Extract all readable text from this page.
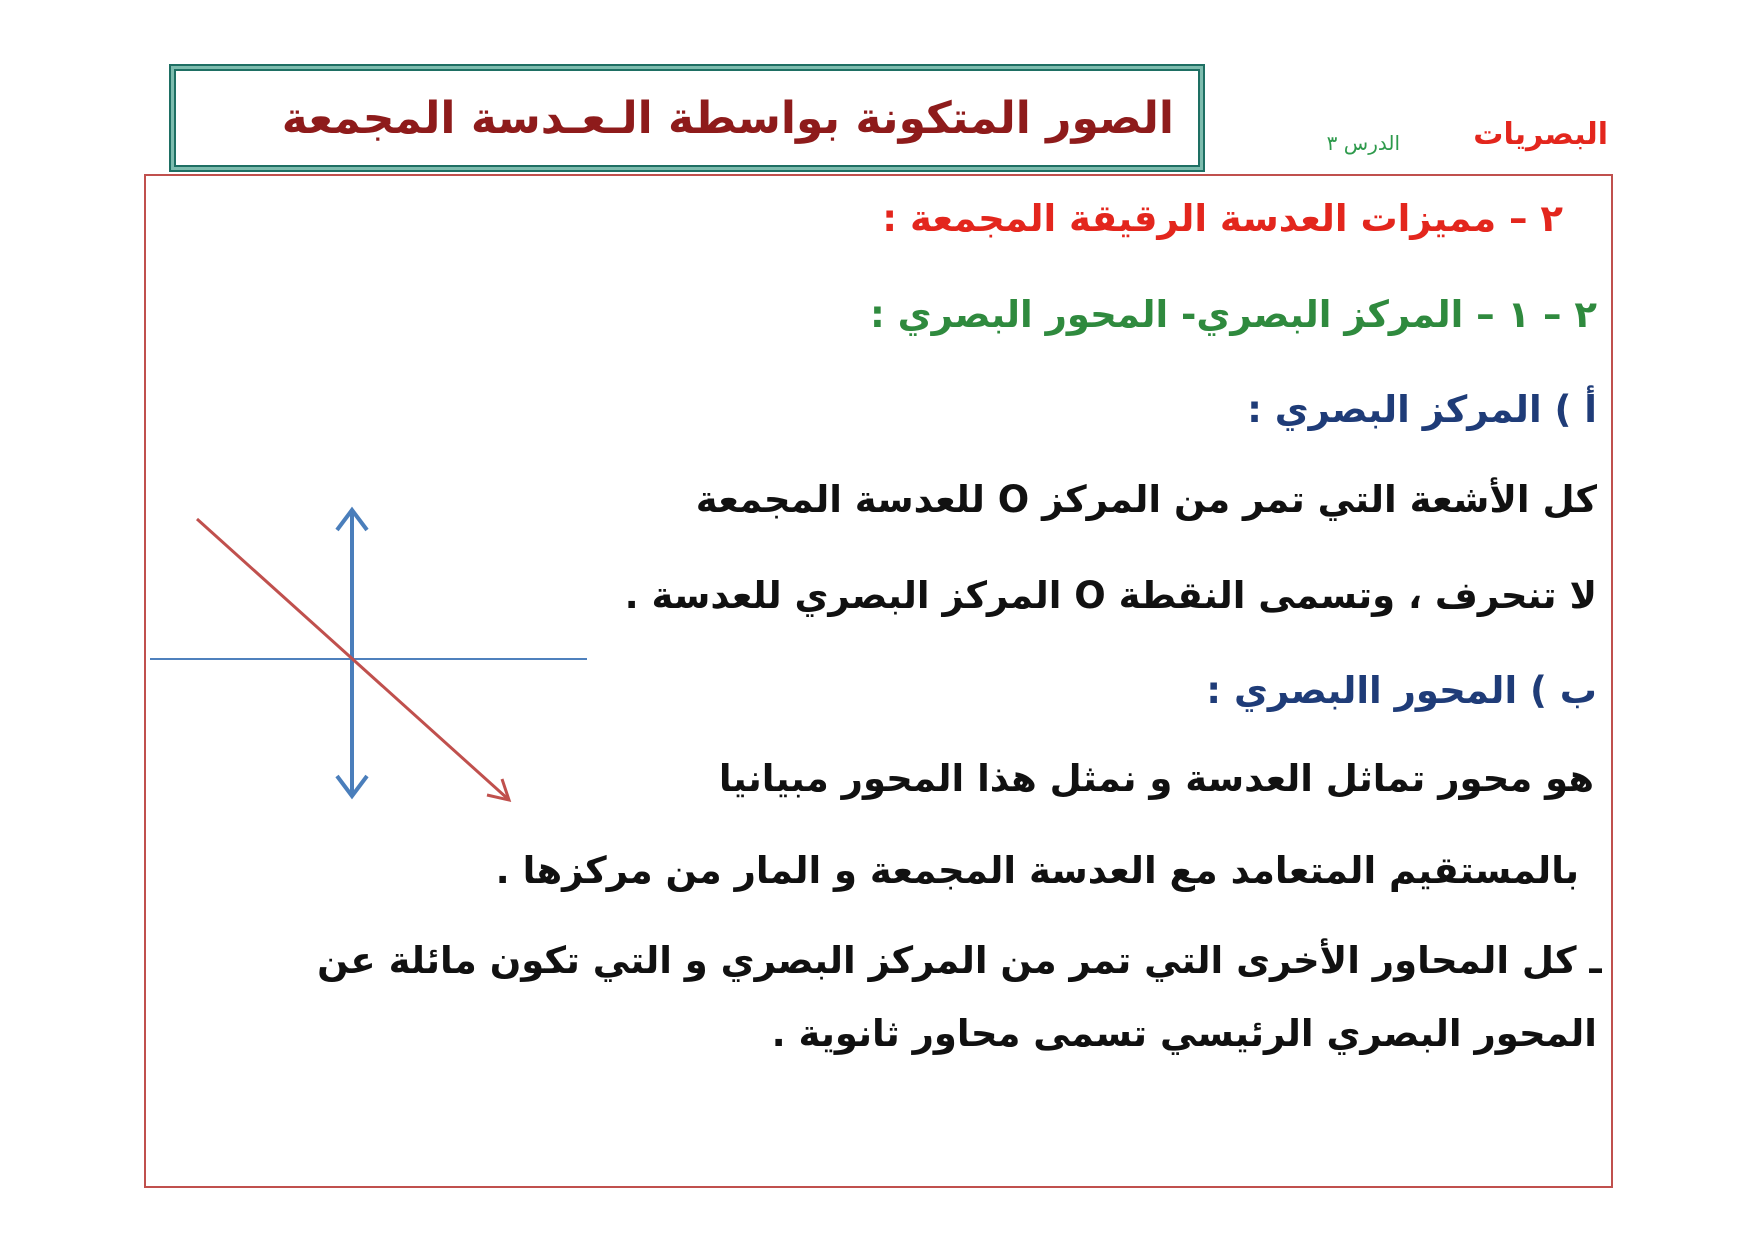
الصور المتكونة بواسطة الـعـدسة المجمعة	البصريات
الدرس ٣
٢ – مميزات العدسة الرقيقة المجمعة :
٢ – ١ – المركز البصري- المحور البصري :
أ ) المركز البصري :
كل الأشعة التي تمر من المركز O للعدسة المجمعة
لا تنحرف ، وتسمى النقطة O المركز البصري للعدسة .
ب ) المحور االبصري :
هو محور تماثل العدسة و نمثل هذا المحور مبيانيا
بالمستقيم المتعامد مع العدسة المجمعة و المار من مركزها .
ـ كل المحاور الأخرى التي تمر من المركز البصري و التي تكون مائلة عن
المحور البصري الرئيسي تسمى محاور ثانوية .
